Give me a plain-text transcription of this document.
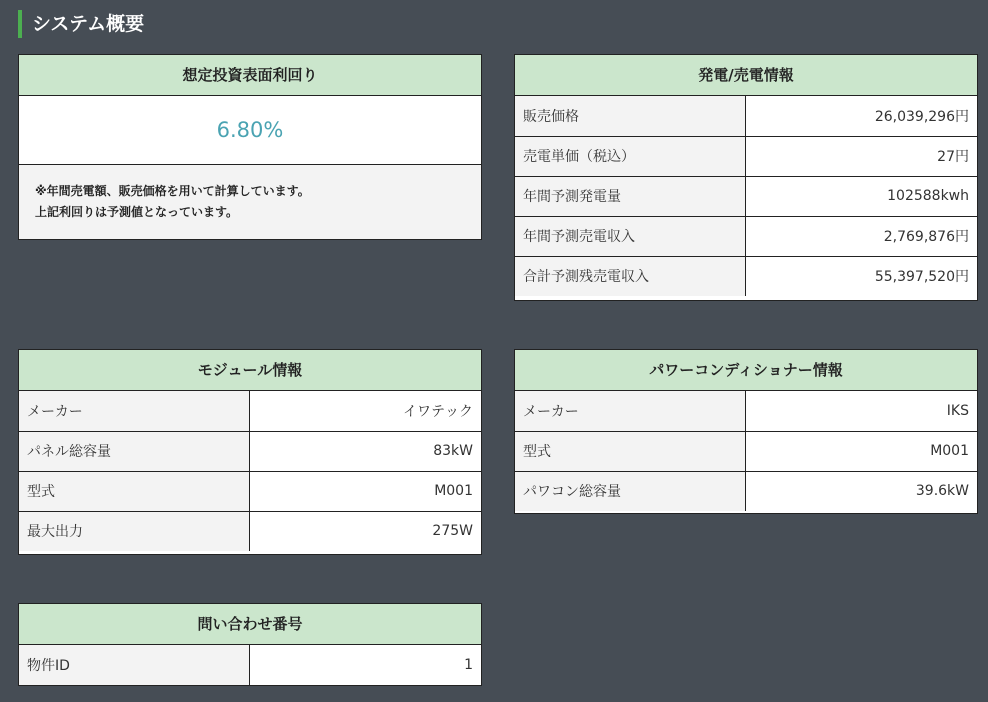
システム概要
想定投資表面利回り
6.80%
※年間売電額、販売価格を用いて計算しています。
上記利回りは予測値となっています。
発電/売電情報
販売価格	26,039,296円
売電単価（税込）	27円
年間予測発電量	102588kwh
年間予測売電収入	2,769,876円
合計予測残売電収入	55,397,520円
モジュール情報
メーカー	イワテック
パネル総容量	83kW
型式	M001
最大出力	275W
パワーコンディショナー情報
メーカー	IKS
型式	M001
パワコン総容量	39.6kW
問い合わせ番号
物件ID	1
